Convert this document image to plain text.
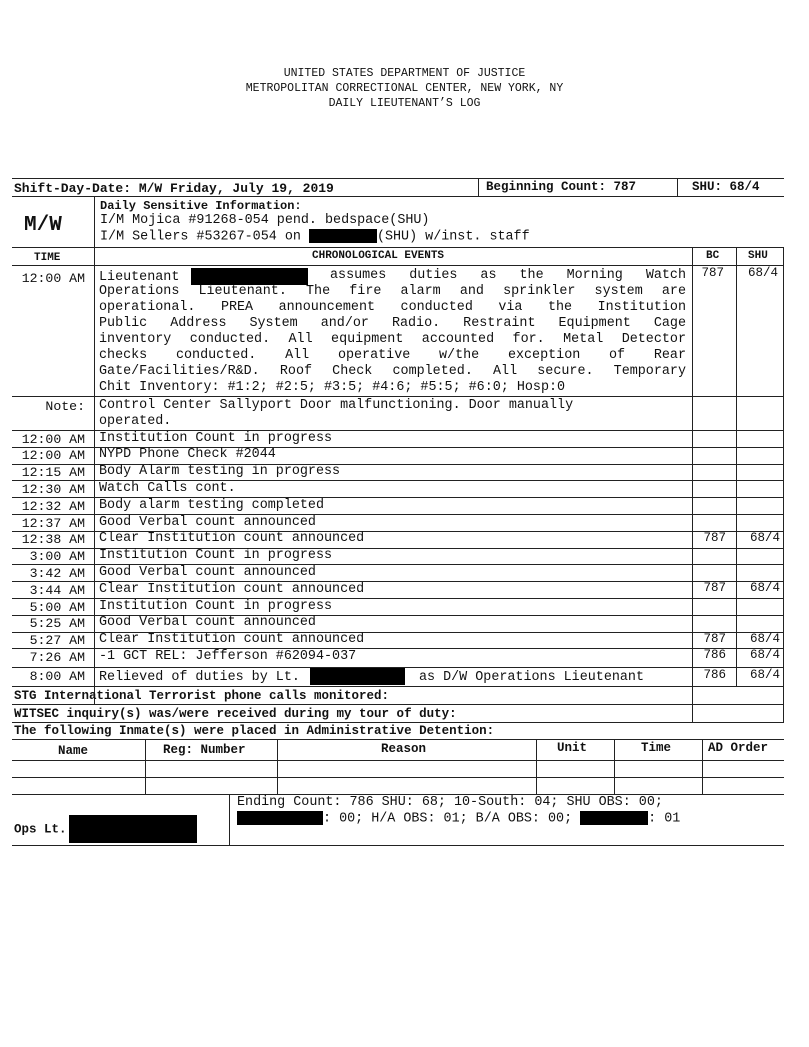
UNITED STATES DEPARTMENT OF JUSTICE
METROPOLITAN CORRECTIONAL CENTER, NEW YORK, NY
DAILY LIEUTENANT’S LOG
Shift-Day-Date: M/W Friday, July 19, 2019	Beginning Count: 787	SHU: 68/4
M/W
Daily Sensitive Information:
I/M Mojica #91268-054 pend. bedspace(SHU)
I/M Sellers #53267-054 on	(SHU) w/inst. staff
TIME	CHRONOLOGICAL EVENTS	BC	SHU
12:00 AM Lieutenant	assumes duties as the Morning Watch
Operations Lieutenant. The fire alarm and sprinkler system are
operational. PREA announcement conducted via the Institution
Public Address System and/or Radio. Restraint Equipment Cage
inventory conducted. All equipment accounted for. Metal Detector
checks conducted. All operative w/the exception of Rear
Gate/Facilities/R&D. Roof Check completed. All secure. Temporary
Chit Inventory: #1:2; #2:5; #3:5; #4:6; #5:5; #6:0; Hosp:0
787	68/4
Note: Control Center Sallyport Door malfunctioning. Door manually
operated.
12:00 AM Institution Count in progress
12:00 AM NYPD Phone Check #2044
12:15 AM Body Alarm testing in progress
12:30 AM Watch Calls cont.
12:32 AM Body alarm testing completed
12:37 AM Good Verbal count announced
12:38 AM Clear Institution count announced	787	68/4
3:00 AM Institution Count in progress
3:42 AM Good Verbal count announced
3:44 AM Clear Institution count announced	787	68/4
5:00 AM Institution Count in progress
5:25 AM Good Verbal count announced
5:27 AM Clear Institution count announced	787	68/4
7:26 AM -1 GCT REL: Jefferson #62094-037	786	68/4
8:00 AM Relieved of duties by Lt.	as D/W Operations Lieutenant	786	68/4
STG International Terrorist phone calls monitored:
WITSEC inquiry(s) was/were received during my tour of duty:
The following Inmate(s) were placed in Administrative Detention:
Name	Reg: Number	Reason	Unit	Time	AD Order
Ops Lt.
Ending Count: 786 SHU: 68; 10-South: 04; SHU OBS: 00;
: 00; H/A OBS: 01; B/A OBS: 00;	: 01
